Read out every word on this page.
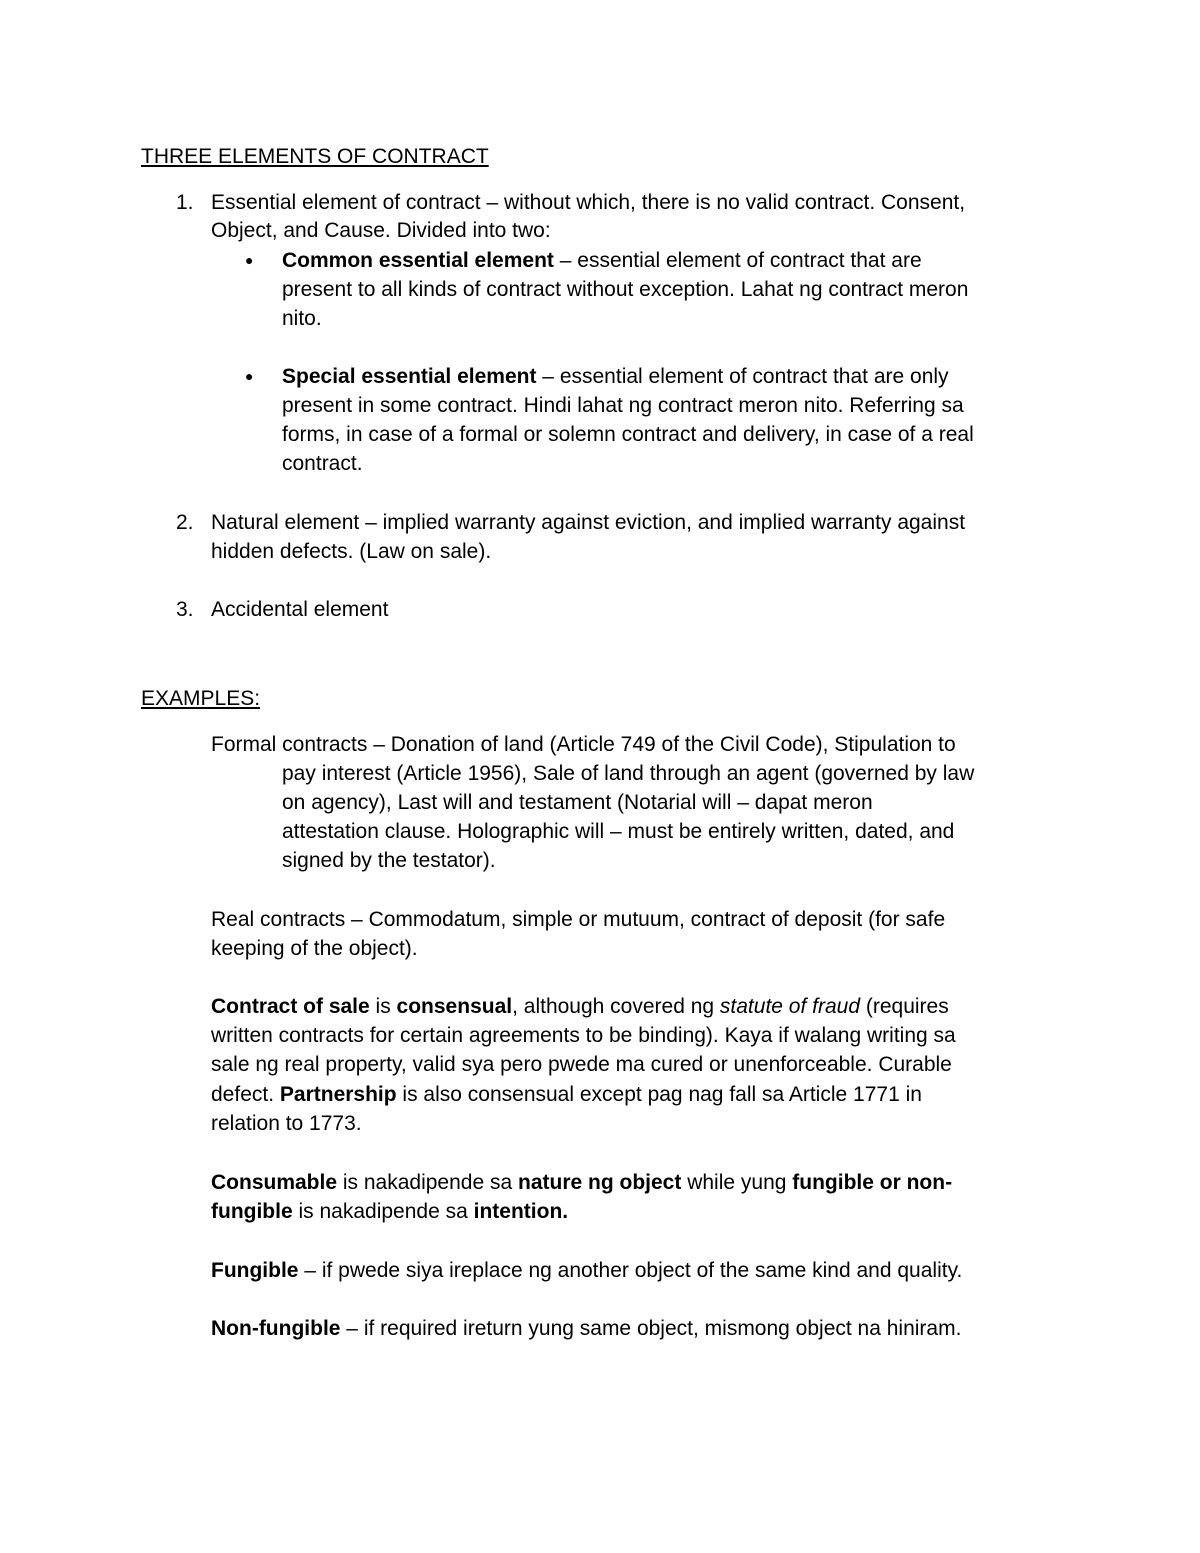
THREE ELEMENTS OF CONTRACT
1. Essential element of contract – without which, there is no valid contract. Consent,
Object, and Cause. Divided into two:
● Common essential element – essential element of contract that are
present to all kinds of contract without exception. Lahat ng contract meron
nito.
● Special essential element – essential element of contract that are only
present in some contract. Hindi lahat ng contract meron nito. Referring sa
forms, in case of a formal or solemn contract and delivery, in case of a real
contract.
2. Natural element – implied warranty against eviction, and implied warranty against
hidden defects. (Law on sale).
3. Accidental element
EXAMPLES:
Formal contracts – Donation of land (Article 749 of the Civil Code), Stipulation to
pay interest (Article 1956), Sale of land through an agent (governed by law
on agency), Last will and testament (Notarial will – dapat meron
attestation clause. Holographic will – must be entirely written, dated, and
signed by the testator).
Real contracts – Commodatum, simple or mutuum, contract of deposit (for safe
keeping of the object).
Contract of sale is consensual, although covered ng statute of fraud (requires
written contracts for certain agreements to be binding). Kaya if walang writing sa
sale ng real property, valid sya pero pwede ma cured or unenforceable. Curable
defect. Partnership is also consensual except pag nag fall sa Article 1771 in
relation to 1773.
Consumable is nakadipende sa nature ng object while yung fungible or non-
fungible is nakadipende sa intention.
Fungible – if pwede siya ireplace ng another object of the same kind and quality.
Non-fungible – if required ireturn yung same object, mismong object na hiniram.
